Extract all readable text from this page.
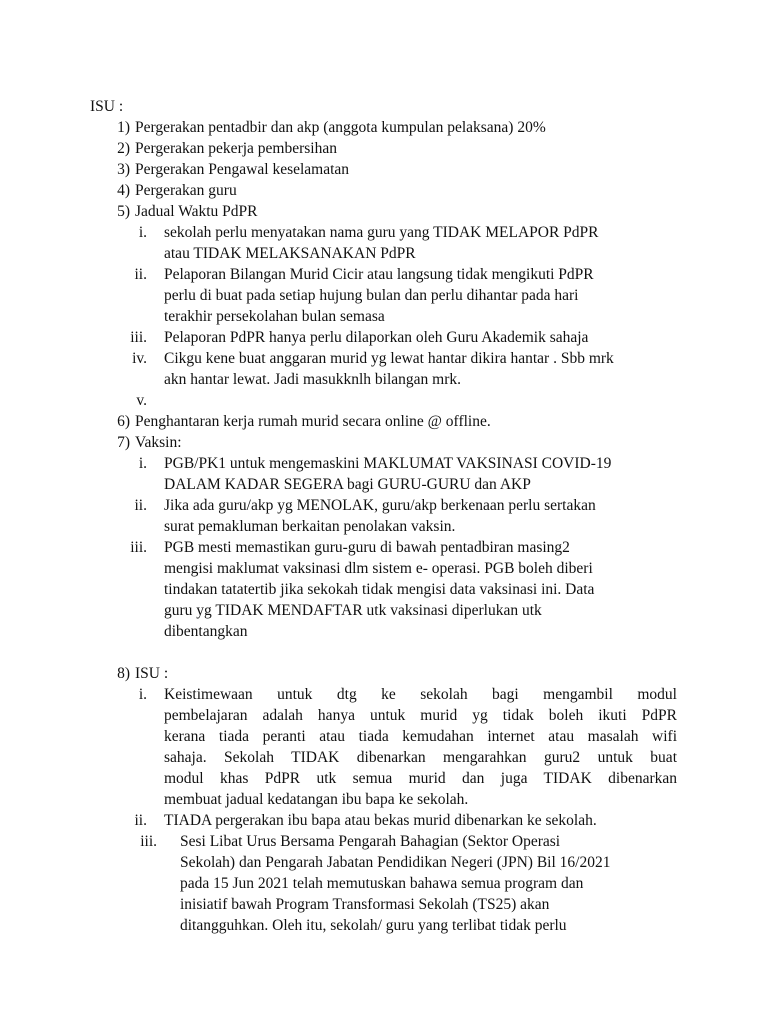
ISU :
1) Pergerakan pentadbir dan akp (anggota kumpulan pelaksana) 20%
2) Pergerakan pekerja pembersihan
3) Pergerakan Pengawal keselamatan
4) Pergerakan guru
5) Jadual Waktu PdPR
i. sekolah perlu menyatakan nama guru yang TIDAK MELAPOR PdPR
atau TIDAK MELAKSANAKAN PdPR
ii. Pelaporan Bilangan Murid Cicir atau langsung tidak mengikuti PdPR
perlu di buat pada setiap hujung bulan dan perlu dihantar pada hari
terakhir persekolahan bulan semasa
iii. Pelaporan PdPR hanya perlu dilaporkan oleh Guru Akademik sahaja
iv. Cikgu kene buat anggaran murid yg lewat hantar dikira hantar . Sbb mrk
akn hantar lewat. Jadi masukknlh bilangan mrk.
v.
6) Penghantaran kerja rumah murid secara online @ offline.
7) Vaksin:
i. PGB/PK1 untuk mengemaskini MAKLUMAT VAKSINASI COVID-19
DALAM KADAR SEGERA bagi GURU-GURU dan AKP
ii. Jika ada guru/akp yg MENOLAK, guru/akp berkenaan perlu sertakan
surat pemakluman berkaitan penolakan vaksin.
iii. PGB mesti memastikan guru-guru di bawah pentadbiran masing2
mengisi maklumat vaksinasi dlm sistem e- operasi. PGB boleh diberi
tindakan tatatertib jika sekokah tidak mengisi data vaksinasi ini. Data
guru yg TIDAK MENDAFTAR utk vaksinasi diperlukan utk
dibentangkan
8) ISU :
i. Keistimewaan untuk dtg ke sekolah bagi mengambil modul
pembelajaran adalah hanya untuk murid yg tidak boleh ikuti PdPR
kerana tiada peranti atau tiada kemudahan internet atau masalah wifi
sahaja. Sekolah TIDAK dibenarkan mengarahkan guru2 untuk buat
modul khas PdPR utk semua murid dan juga TIDAK dibenarkan
membuat jadual kedatangan ibu bapa ke sekolah.
ii. TIADA pergerakan ibu bapa atau bekas murid dibenarkan ke sekolah.
iii. Sesi Libat Urus Bersama Pengarah Bahagian (Sektor Operasi
Sekolah) dan Pengarah Jabatan Pendidikan Negeri (JPN) Bil 16/2021
pada 15 Jun 2021 telah memutuskan bahawa semua program dan
inisiatif bawah Program Transformasi Sekolah (TS25) akan
ditangguhkan. Oleh itu, sekolah/ guru yang terlibat tidak perlu
